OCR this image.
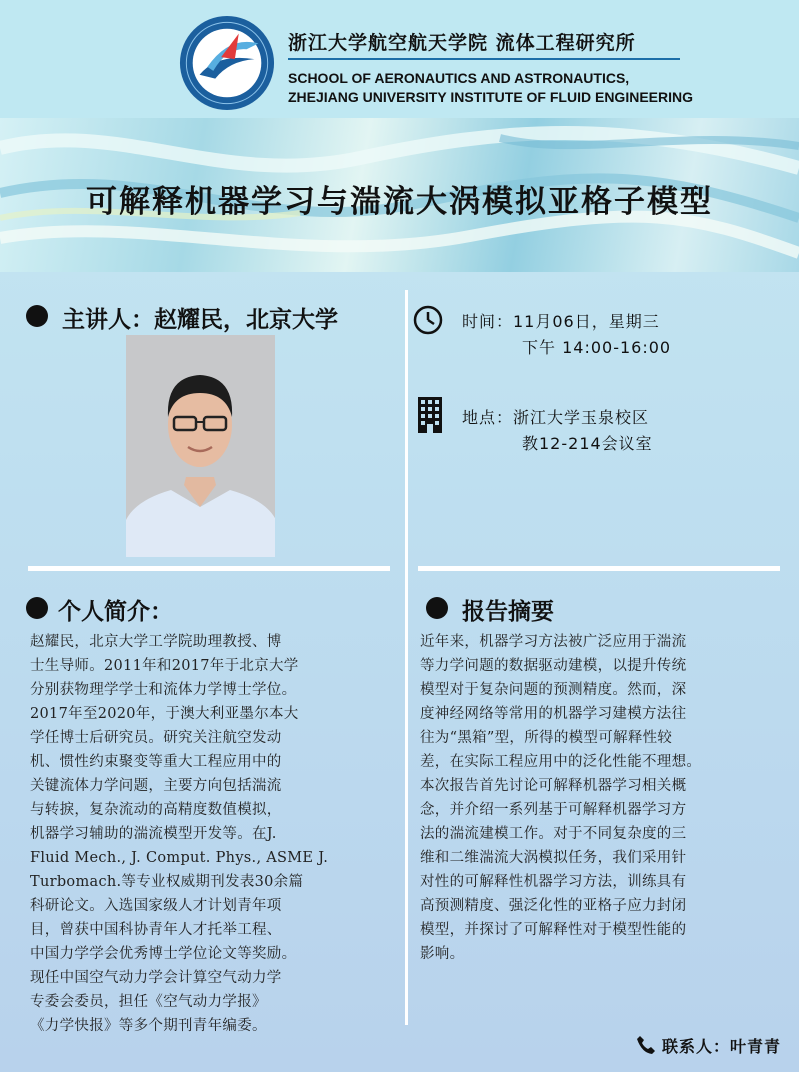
浙江大学航空航天学院 流体工程研究所
SCHOOL OF AERONAUTICS AND ASTRONAUTICS,
ZHEJIANG UNIVERSITY INSTITUTE OF FLUID ENGINEERING
可解释机器学习与湍流大涡模拟亚格子模型
主讲人：赵耀民，北京大学	时间：11月06日，星期三
下午 14:00-16:00
地点：浙江大学玉泉校区
教12-214会议室
个人简介：

赵耀民，北京大学工学院助理教授、博

士生导师。2011年和2017年于北京大学

分别获物理学学士和流体力学博士学位。

2017年至2020年，于澳大利亚墨尔本大

学任博士后研究员。研究关注航空发动

机、惯性约束聚变等重大工程应用中的

关键流体力学问题，主要方向包括湍流

与转捩，复杂流动的高精度数值模拟，

机器学习辅助的湍流模型开发等。在J.

Fluid Mech., J. Comput. Phys., ASME J.

Turbomach.等专业权威期刊发表30余篇

科研论文。入选国家级人才计划青年项

目，曾获中国科协青年人才托举工程、

中国力学学会优秀博士学位论文等奖励。

现任中国空气动力学会计算空气动力学

专委会委员，担任《空气动力学报》

《力学快报》等多个期刊青年编委。

报告摘要

近年来，机器学习方法被广泛应用于湍流

等力学问题的数据驱动建模，以提升传统

模型对于复杂问题的预测精度。然而，深

度神经网络等常用的机器学习建模方法往

往为“黑箱”型，所得的模型可解释性较

差，在实际工程应用中的泛化性能不理想。

本次报告首先讨论可解释机器学习相关概

念，并介绍一系列基于可解释机器学习方

法的湍流建模工作。对于不同复杂度的三

维和二维湍流大涡模拟任务，我们采用针

对性的可解释性机器学习方法，训练具有

高预测精度、强泛化性的亚格子应力封闭

模型，并探讨了可解释性对于模型性能的

影响。

联系人：叶青青
